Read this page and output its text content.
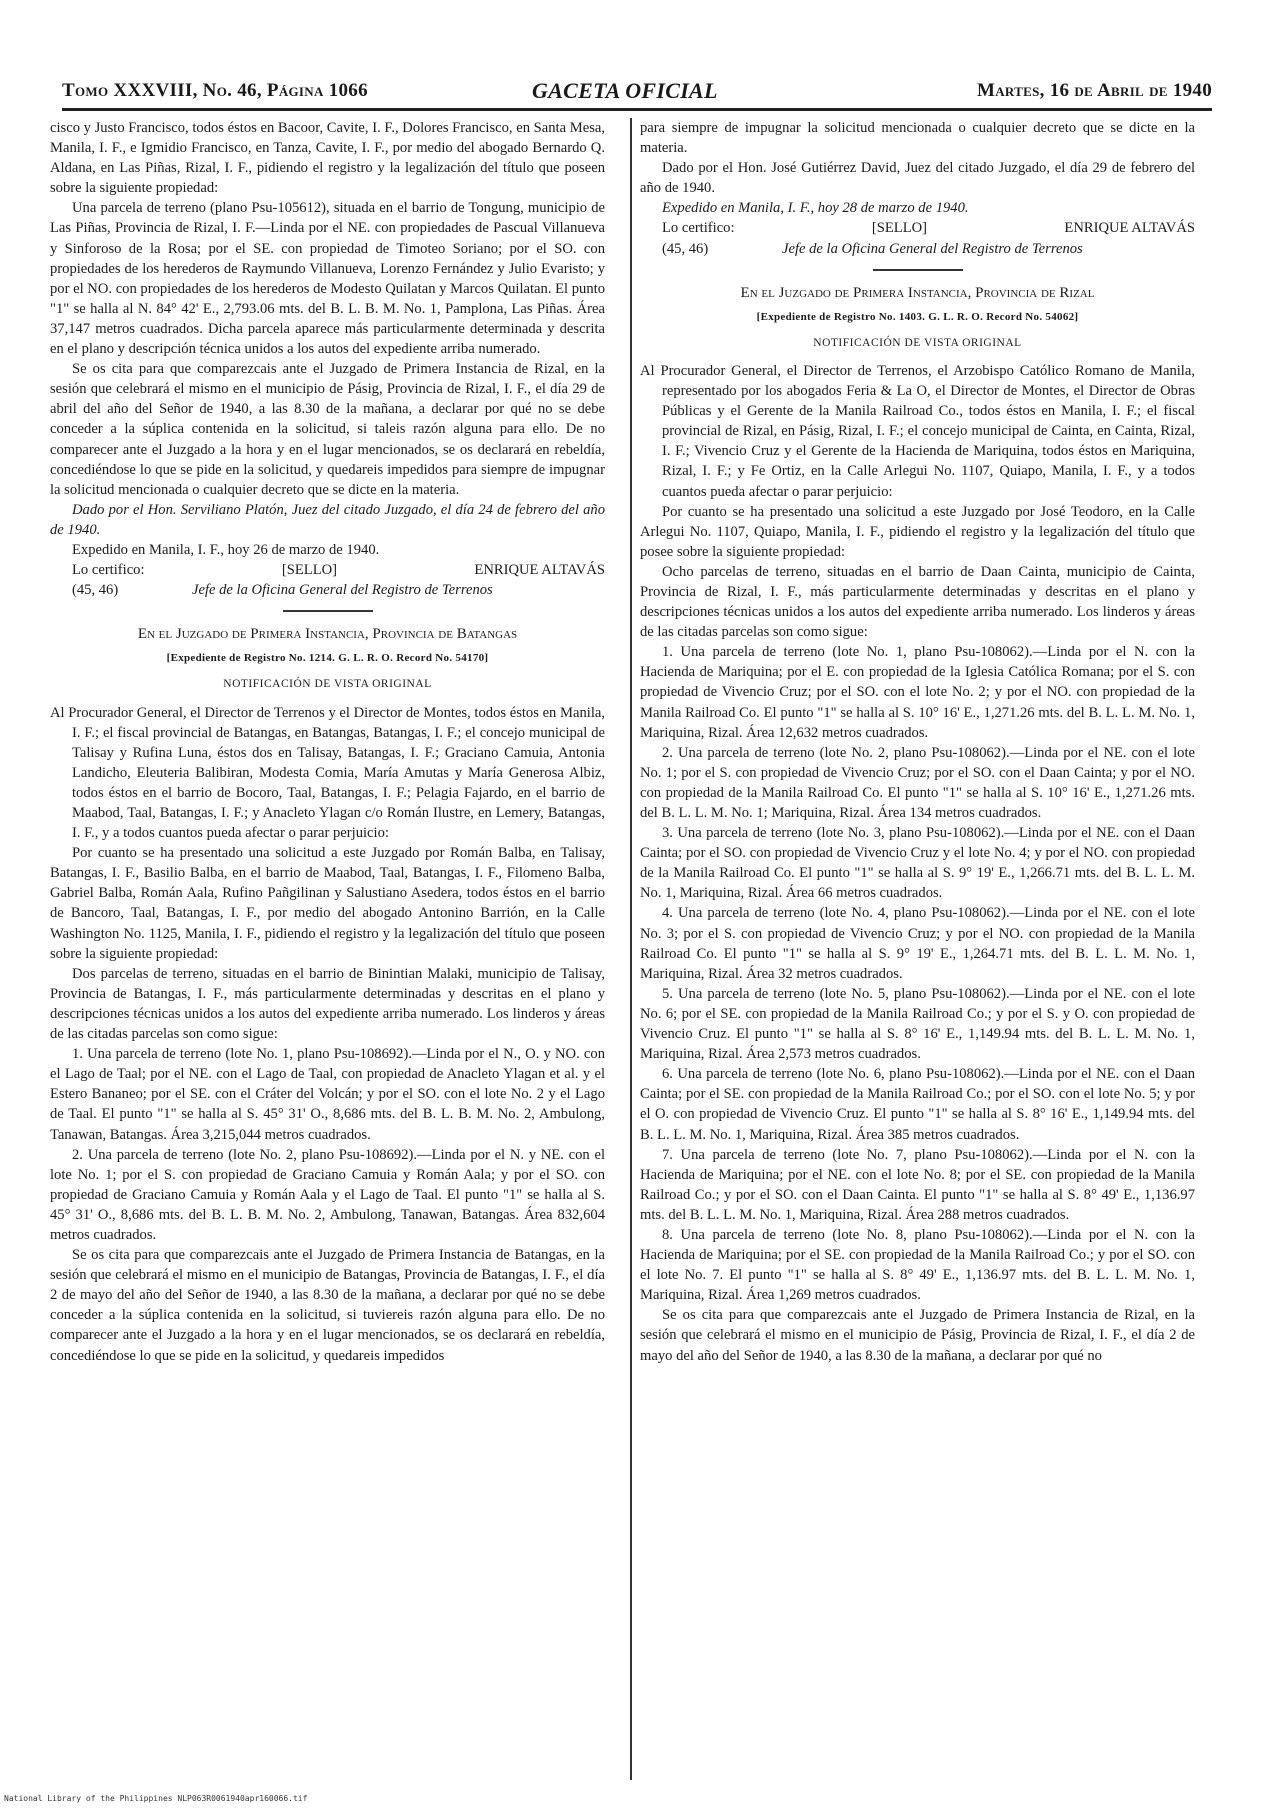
Tomo XXXVIII, No. 46, Página 1066	GACETA OFICIAL	Martes, 16 de Abril de 1940

cisco y Justo Francisco, todos éstos en Bacoor, Cavite, I. F., Dolores Francisco, en Santa Mesa, Manila, I. F., e Igmidio Francisco, en Tanza, Cavite, I. F., por medio del abogado Bernardo Q. Aldana, en Las Piñas, Rizal, I. F., pidiendo el registro y la legalización del título que poseen sobre la siguiente propiedad:

Una parcela de terreno (plano Psu-105612), situada en el barrio de Tongung, municipio de Las Piñas, Provincia de Rizal, I. F.—Linda por el NE. con propiedades de Pascual Villanueva y Sinforoso de la Rosa; por el SE. con propiedad de Timoteo Soriano; por el SO. con propiedades de los herederos de Raymundo Villanueva, Lorenzo Fernández y Julio Evaristo; y por el NO. con propiedades de los herederos de Modesto Quilatan y Marcos Quilatan. El punto "1" se halla al N. 84° 42' E., 2,793.06 mts. del B. L. B. M. No. 1, Pamplona, Las Piñas. Área 37,147 metros cuadrados. Dicha parcela aparece más particularmente determinada y descrita en el plano y descripción técnica unidos a los autos del expediente arriba numerado.

Se os cita para que comparezcais ante el Juzgado de Primera Instancia de Rizal, en la sesión que celebrará el mismo en el municipio de Pásig, Provincia de Rizal, I. F., el día 29 de abril del año del Señor de 1940, a las 8.30 de la mañana, a declarar por qué no se debe conceder a la súplica contenida en la solicitud, si taleis razón alguna para ello. De no comparecer ante el Juzgado a la hora y en el lugar mencionados, se os declarará en rebeldía, concediéndose lo que se pide en la solicitud, y quedareis impedidos para siempre de impugnar la solicitud mencionada o cualquier decreto que se dicte en la materia.

Dado por el Hon. Serviliano Platón, Juez del citado Juzgado, el día 24 de febrero del año de 1940.

Expedido en Manila, I. F., hoy 26 de marzo de 1940.

Lo certifico:	[SELLO]	ENRIQUE ALTAVÁS
(45, 46)	Jefe de la Oficina General del Registro de Terrenos
En el Juzgado de Primera Instancia, Provincia de Batangas
[Expediente de Registro No. 1214. G. L. R. O. Record No. 54170]
NOTIFICACIÓN DE VISTA ORIGINAL

Al Procurador General, el Director de Terrenos y el Director de Montes, todos éstos en Manila, I. F.; el fiscal provincial de Batangas, en Batangas, Batangas, I. F.; el concejo municipal de Talisay y Rufina Luna, éstos dos en Talisay, Batangas, I. F.; Graciano Camuia, Antonia Landicho, Eleuteria Balibiran, Modesta Comia, María Amutas y María Generosa Albiz, todos éstos en el barrio de Bocoro, Taal, Batangas, I. F.; Pelagia Fajardo, en el barrio de Maabod, Taal, Batangas, I. F.; y Anacleto Ylagan c/o Román Ilustre, en Lemery, Batangas, I. F., y a todos cuantos pueda afectar o parar perjuicio:

Por cuanto se ha presentado una solicitud a este Juzgado por Román Balba, en Talisay, Batangas, I. F., Basilio Balba, en el barrio de Maabod, Taal, Batangas, I. F., Filomeno Balba, Gabriel Balba, Román Aala, Rufino Pañgilinan y Salustiano Asedera, todos éstos en el barrio de Bancoro, Taal, Batangas, I. F., por medio del abogado Antonino Barrión, en la Calle Washington No. 1125, Manila, I. F., pidiendo el registro y la legalización del título que poseen sobre la siguiente propiedad:

Dos parcelas de terreno, situadas en el barrio de Binintian Malaki, municipio de Talisay, Provincia de Batangas, I. F., más particularmente determinadas y descritas en el plano y descripciones técnicas unidos a los autos del expediente arriba numerado. Los linderos y áreas de las citadas parcelas son como sigue:

1. Una parcela de terreno (lote No. 1, plano Psu-108692).—Linda por el N., O. y NO. con el Lago de Taal; por el NE. con el Lago de Taal, con propiedad de Anacleto Ylagan et al. y el Estero Bananeo; por el SE. con el Cráter del Volcán; y por el SO. con el lote No. 2 y el Lago de Taal. El punto "1" se halla al S. 45° 31' O., 8,686 mts. del B. L. B. M. No. 2, Ambulong, Tanawan, Batangas. Área 3,215,044 metros cuadrados.

2. Una parcela de terreno (lote No. 2, plano Psu-108692).—Linda por el N. y NE. con el lote No. 1; por el S. con propiedad de Graciano Camuia y Román Aala; y por el SO. con propiedad de Graciano Camuia y Román Aala y el Lago de Taal. El punto "1" se halla al S. 45° 31' O., 8,686 mts. del B. L. B. M. No. 2, Ambulong, Tanawan, Batangas. Área 832,604 metros cuadrados.

Se os cita para que comparezcais ante el Juzgado de Primera Instancia de Batangas, en la sesión que celebrará el mismo en el municipio de Batangas, Provincia de Batangas, I. F., el día 2 de mayo del año del Señor de 1940, a las 8.30 de la mañana, a declarar por qué no se debe conceder a la súplica contenida en la solicitud, si tuviereis razón alguna para ello. De no comparecer ante el Juzgado a la hora y en el lugar mencionados, se os declarará en rebeldía, concediéndose lo que se pide en la solicitud, y quedareis impedidos

para siempre de impugnar la solicitud mencionada o cualquier decreto que se dicte en la materia.

Dado por el Hon. José Gutiérrez David, Juez del citado Juzgado, el día 29 de febrero del año de 1940.

Expedido en Manila, I. F., hoy 28 de marzo de 1940.

Lo certifico:	[SELLO]	ENRIQUE ALTAVÁS
(45, 46)	Jefe de la Oficina General del Registro de Terrenos
En el Juzgado de Primera Instancia, Provincia de Rizal
[Expediente de Registro No. 1403. G. L. R. O. Record No. 54062]
NOTIFICACIÓN DE VISTA ORIGINAL

Al Procurador General, el Director de Terrenos, el Arzobispo Católico Romano de Manila, representado por los abogados Feria & La O, el Director de Montes, el Director de Obras Públicas y el Gerente de la Manila Railroad Co., todos éstos en Manila, I. F.; el fiscal provincial de Rizal, en Pásig, Rizal, I. F.; el concejo municipal de Cainta, en Cainta, Rizal, I. F.; Vivencio Cruz y el Gerente de la Hacienda de Mariquina, todos éstos en Mariquina, Rizal, I. F.; y Fe Ortiz, en la Calle Arlegui No. 1107, Quiapo, Manila, I. F., y a todos cuantos pueda afectar o parar perjuicio:

Por cuanto se ha presentado una solicitud a este Juzgado por José Teodoro, en la Calle Arlegui No. 1107, Quiapo, Manila, I. F., pidiendo el registro y la legalización del título que posee sobre la siguiente propiedad:

Ocho parcelas de terreno, situadas en el barrio de Daan Cainta, municipio de Cainta, Provincia de Rizal, I. F., más particularmente determinadas y descritas en el plano y descripciones técnicas unidos a los autos del expediente arriba numerado. Los linderos y áreas de las citadas parcelas son como sigue:

1. Una parcela de terreno (lote No. 1, plano Psu-108062).—Linda por el N. con la Hacienda de Mariquina; por el E. con propiedad de la Iglesia Católica Romana; por el S. con propiedad de Vivencio Cruz; por el SO. con el lote No. 2; y por el NO. con propiedad de la Manila Railroad Co. El punto "1" se halla al S. 10° 16' E., 1,271.26 mts. del B. L. L. M. No. 1, Mariquina, Rizal. Área 12,632 metros cuadrados.

2. Una parcela de terreno (lote No. 2, plano Psu-108062).—Linda por el NE. con el lote No. 1; por el S. con propiedad de Vivencio Cruz; por el SO. con el Daan Cainta; y por el NO. con propiedad de la Manila Railroad Co. El punto "1" se halla al S. 10° 16' E., 1,271.26 mts. del B. L. L. M. No. 1; Mariquina, Rizal. Área 134 metros cuadrados.

3. Una parcela de terreno (lote No. 3, plano Psu-108062).—Linda por el NE. con el Daan Cainta; por el SO. con propiedad de Vivencio Cruz y el lote No. 4; y por el NO. con propiedad de la Manila Railroad Co. El punto "1" se halla al S. 9° 19' E., 1,266.71 mts. del B. L. L. M. No. 1, Mariquina, Rizal. Área 66 metros cuadrados.

4. Una parcela de terreno (lote No. 4, plano Psu-108062).—Linda por el NE. con el lote No. 3; por el S. con propiedad de Vivencio Cruz; y por el NO. con propiedad de la Manila Railroad Co. El punto "1" se halla al S. 9° 19' E., 1,264.71 mts. del B. L. L. M. No. 1, Mariquina, Rizal. Área 32 metros cuadrados.

5. Una parcela de terreno (lote No. 5, plano Psu-108062).—Linda por el NE. con el lote No. 6; por el SE. con propiedad de la Manila Railroad Co.; y por el S. y O. con propiedad de Vivencio Cruz. El punto "1" se halla al S. 8° 16' E., 1,149.94 mts. del B. L. L. M. No. 1, Mariquina, Rizal. Área 2,573 metros cuadrados.

6. Una parcela de terreno (lote No. 6, plano Psu-108062).—Linda por el NE. con el Daan Cainta; por el SE. con propiedad de la Manila Railroad Co.; por el SO. con el lote No. 5; y por el O. con propiedad de Vivencio Cruz. El punto "1" se halla al S. 8° 16' E., 1,149.94 mts. del B. L. L. M. No. 1, Mariquina, Rizal. Área 385 metros cuadrados.

7. Una parcela de terreno (lote No. 7, plano Psu-108062).—Linda por el N. con la Hacienda de Mariquina; por el NE. con el lote No. 8; por el SE. con propiedad de la Manila Railroad Co.; y por el SO. con el Daan Cainta. El punto "1" se halla al S. 8° 49' E., 1,136.97 mts. del B. L. L. M. No. 1, Mariquina, Rizal. Área 288 metros cuadrados.

8. Una parcela de terreno (lote No. 8, plano Psu-108062).—Linda por el N. con la Hacienda de Mariquina; por el SE. con propiedad de la Manila Railroad Co.; y por el SO. con el lote No. 7. El punto "1" se halla al S. 8° 49' E., 1,136.97 mts. del B. L. L. M. No. 1, Mariquina, Rizal. Área 1,269 metros cuadrados.

Se os cita para que comparezcais ante el Juzgado de Primera Instancia de Rizal, en la sesión que celebrará el mismo en el municipio de Pásig, Provincia de Rizal, I. F., el día 2 de mayo del año del Señor de 1940, a las 8.30 de la mañana, a declarar por qué no

National Library of the Philippines NLP063R0061940apr160066.tif
